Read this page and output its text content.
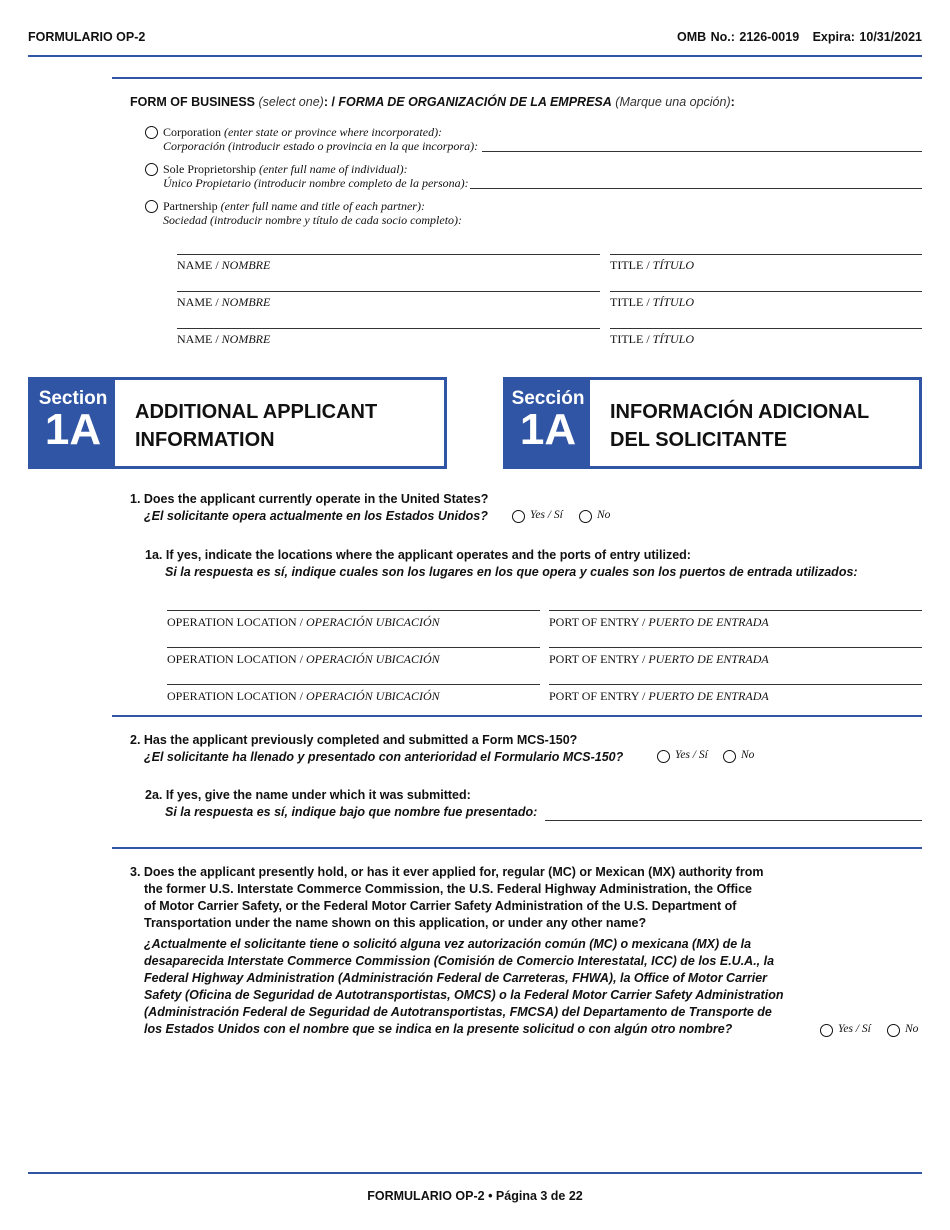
FORMULARIO OP-2	OMB No.: 2126-0019 Expira: 10/31/2021
FORM OF BUSINESS (select one): / FORMA DE ORGANIZACIÓN DE LA EMPRESA (Marque una opción):
Corporation (enter state or province where incorporated):
Corporación (introducir estado o provincia en la que incorpora):
Sole Proprietorship (enter full name of individual):
Único Propietario (introducir nombre completo de la persona):
Partnership (enter full name and title of each partner):
Sociedad (introducir nombre y título de cada socio completo):
NAME / NOMBRE	TITLE / TÍTULO
NAME / NOMBRE	TITLE / TÍTULO
NAME / NOMBRE	TITLE / TÍTULO
Section
1A	ADDITIONAL APPLICANT
INFORMATION
Sección
1A	INFORMACIÓN ADICIONAL
DEL SOLICITANTE
1. Does the applicant currently operate in the United States?
¿El solicitante opera actualmente en los Estados Unidos?	Yes / Sí	No
1a. If yes, indicate the locations where the applicant operates and the ports of entry utilized:
Si la respuesta es sí, indique cuales son los lugares en los que opera y cuales son los puertos de entrada utilizados:
OPERATION LOCATION / OPERACIÓN UBICACIÓN	PORT OF ENTRY / PUERTO DE ENTRADA
OPERATION LOCATION / OPERACIÓN UBICACIÓN	PORT OF ENTRY / PUERTO DE ENTRADA
OPERATION LOCATION / OPERACIÓN UBICACIÓN	PORT OF ENTRY / PUERTO DE ENTRADA
2. Has the applicant previously completed and submitted a Form MCS-150?
¿El solicitante ha llenado y presentado con anterioridad el Formulario MCS-150?	Yes / Sí	No
2a. If yes, give the name under which it was submitted:
Si la respuesta es sí, indique bajo que nombre fue presentado:
3. Does the applicant presently hold, or has it ever applied for, regular (MC) or Mexican (MX) authority from
the former U.S. Interstate Commerce Commission, the U.S. Federal Highway Administration, the Office
of Motor Carrier Safety, or the Federal Motor Carrier Safety Administration of the U.S. Department of
Transportation under the name shown on this application, or under any other name?
¿Actualmente el solicitante tiene o solicitó alguna vez autorización común (MC) o mexicana (MX) de la
desaparecida Interstate Commerce Commission (Comisión de Comercio Interestatal, ICC) de los E.U.A., la
Federal Highway Administration (Administración Federal de Carreteras, FHWA), la Office of Motor Carrier
Safety (Oficina de Seguridad de Autotransportistas, OMCS) o la Federal Motor Carrier Safety Administration
(Administración Federal de Seguridad de Autotransportistas, FMCSA) del Departamento de Transporte de
los Estados Unidos con el nombre que se indica en la presente solicitud o con algún otro nombre?	Yes / Sí	No
FORMULARIO OP-2 • Página 3 de 22
